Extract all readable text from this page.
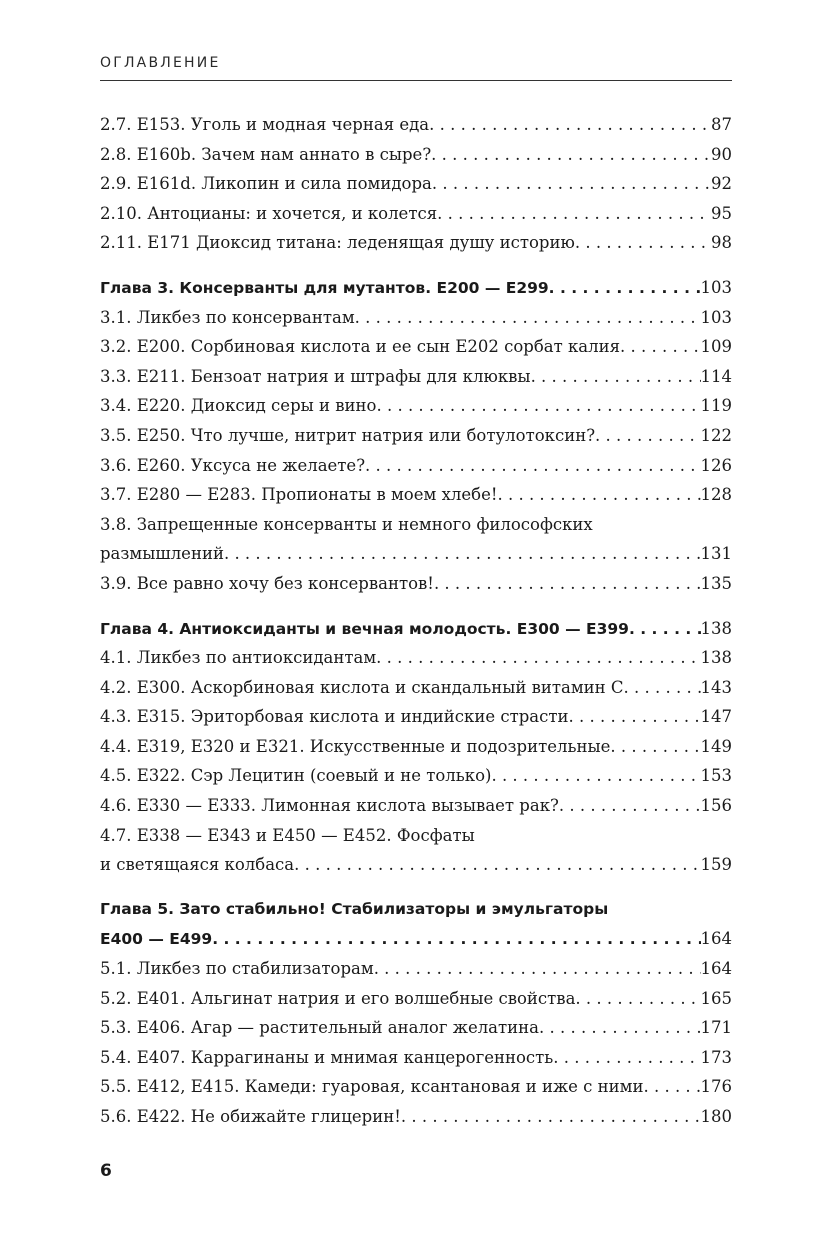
ОГЛАВЛЕНИЕ
2.7. E153. Уголь и модная черная еда . . .	87
2.8. E160b. Зачем нам аннато в сыре? . . .	90
2.9. E161d. Ликопин и сила помидора . . .	92
2.10. Антоцианы: и хочется, и колется . . .	95
2.11. E171 Диоксид титана: леденящая душу историю . . .	98
Глава 3. Консерванты для мутантов. E200 — E299 . . .	103
3.1. Ликбез по консервантам . . .	103
3.2. E200. Сорбиновая кислота и ее сын E202 сорбат калия . . .	109
3.3. E211. Бензоат натрия и штрафы для клюквы . . .	114
3.4. E220. Диоксид серы и вино . . .	119
3.5. E250. Что лучше, нитрит натрия или ботулотоксин? . . .	122
3.6. E260. Уксуса не желаете? . . .	126
3.7. E280 — E283. Пропионаты в моем хлебе! . . .	128
3.8. Запрещенные консерванты и немного философских
размышлений . . .	131
3.9. Все равно хочу без консервантов! . . .	135
Глава 4. Антиоксиданты и вечная молодость. E300 — E399 . . .	138
4.1. Ликбез по антиоксидантам . . .	138
4.2. E300. Аскорбиновая кислота и скандальный витамин С . . .	143
4.3. E315. Эриторбовая кислота и индийские страсти . . .	147
4.4. E319, E320 и E321. Искусственные и подозрительные . . .	149
4.5. E322. Сэр Лецитин (соевый и не только) . . .	153
4.6. E330 — E333. Лимонная кислота вызывает рак? . . .	156
4.7. E338 — E343 и E450 — E452. Фосфаты
и светящаяся колбаса . . .	159
Глава 5. Зато стабильно! Стабилизаторы и эмульгаторы
E400 — E499 . . .	164
5.1. Ликбез по стабилизаторам . . .	164
5.2. E401. Альгинат натрия и его волшебные свойства . . .	165
5.3. E406. Агар — растительный аналог желатина . . .	171
5.4. E407. Каррагинаны и мнимая канцерогенность . . .	173
5.5. E412, E415. Камеди: гуаровая, ксантановая и иже с ними . . .	176
5.6. E422. Не обижайте глицерин! . . .	180
6
